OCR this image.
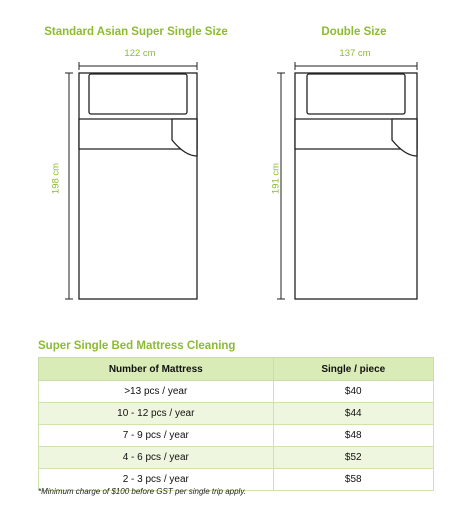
Standard Asian Super Single Size	Double Size
122 cm	137 cm
198 cm	191 cm
Super Single Bed Mattress Cleaning
Number of Mattress	Single / piece
>13 pcs / year	$40
10 - 12 pcs / year	$44
7 - 9 pcs / year	$48
4 - 6 pcs / year	$52
2 - 3 pcs / year	$58
*Minimum charge of $100 before GST per single trip apply.
